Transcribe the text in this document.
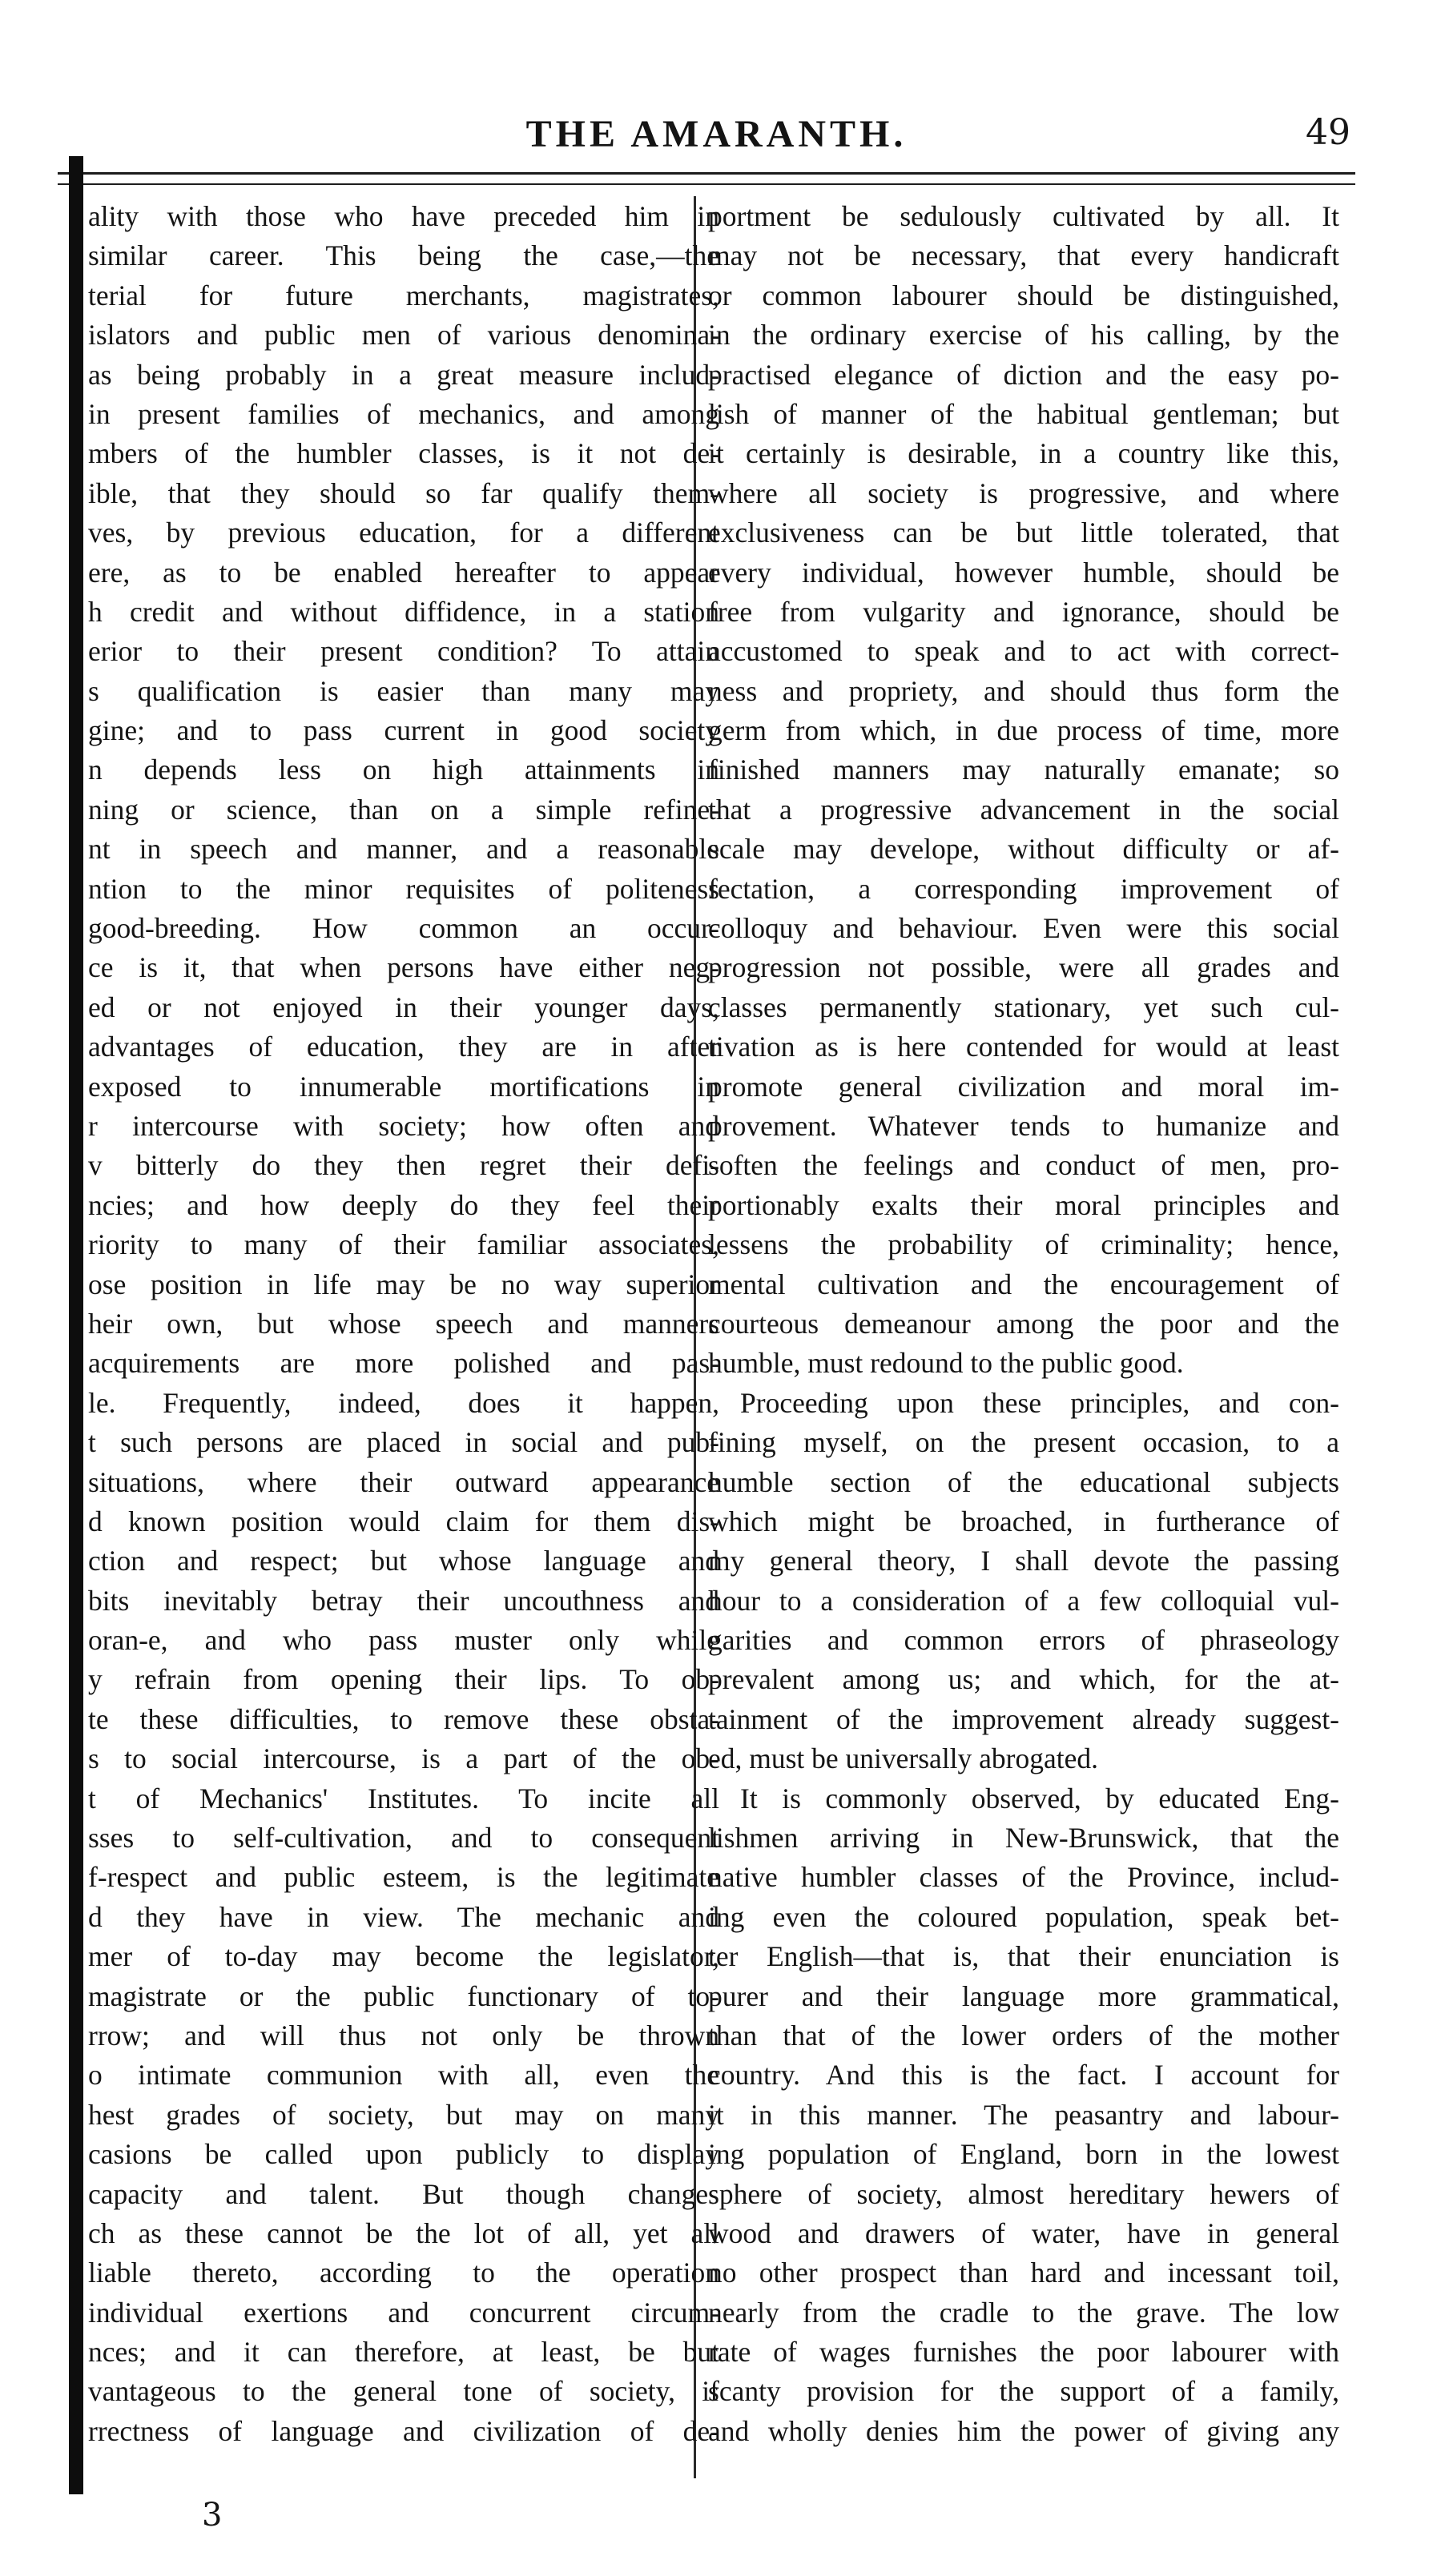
THE AMARANTH.	49
ality with those who have preceded him in
similar career. This being the case,—the
terial for future merchants, magistrates,
islators and public men of various denomina-
as being probably in a great measure includ-
in present families of mechanics, and among
mbers of the humbler classes, is it not de-
ible, that they should so far qualify them-
ves, by previous education, for a different
ere, as to be enabled hereafter to appear
h credit and without diffidence, in a station
erior to their present condition? To attain
s qualification is easier than many may
gine; and to pass current in good society
n depends less on high attainments in
ning or science, than on a simple refine-
nt in speech and manner, and a reasonable
ntion to the minor requisites of politeness
good-breeding. How common an occur-
ce is it, that when persons have either neg-
ed or not enjoyed in their younger days,
advantages of education, they are in after
exposed to innumerable mortifications in
r intercourse with society; how often and
v bitterly do they then regret their defi-
ncies; and how deeply do they feel their
riority to many of their familiar associates,
ose position in life may be no way superior
heir own, but whose speech and manners
acquirements are more polished and pas-
le. Frequently, indeed, does it happen,
t such persons are placed in social and pub-
situations, where their outward appearance
d known position would claim for them dis-
ction and respect; but whose language and
bits inevitably betray their uncouthness and
oran-e, and who pass muster only while
y refrain from opening their lips. To ob-
te these difficulties, to remove these obsta-
s to social intercourse, is a part of the ob-
t of Mechanics' Institutes. To incite all
sses to self-cultivation, and to consequent
f-respect and public esteem, is the legitimate
d they have in view. The mechanic and
mer of to-day may become the legislator,
magistrate or the public functionary of to-
rrow; and will thus not only be thrown
o intimate communion with all, even the
hest grades of society, but may on many
casions be called upon publicly to display
capacity and talent. But though changes
ch as these cannot be the lot of all, yet all
liable thereto, according to the operation
individual exertions and concurrent circum-
nces; and it can therefore, at least, be but
vantageous to the general tone of society, if
rrectness of language and civilization of de-
portment be sedulously cultivated by all. It
may not be necessary, that every handicraft
or common labourer should be distinguished,
in the ordinary exercise of his calling, by the
practised elegance of diction and the easy po-
lish of manner of the habitual gentleman; but
it certainly is desirable, in a country like this,
where all society is progressive, and where
exclusiveness can be but little tolerated, that
every individual, however humble, should be
free from vulgarity and ignorance, should be
accustomed to speak and to act with correct-
ness and propriety, and should thus form the
germ from which, in due process of time, more
finished manners may naturally emanate; so
that a progressive advancement in the social
scale may develope, without difficulty or af-
fectation, a corresponding improvement of
colloquy and behaviour. Even were this social
progression not possible, were all grades and
classes permanently stationary, yet such cul-
tivation as is here contended for would at least
promote general civilization and moral im-
provement. Whatever tends to humanize and
soften the feelings and conduct of men, pro-
portionably exalts their moral principles and
lessens the probability of criminality; hence,
mental cultivation and the encouragement of
courteous demeanour among the poor and the
humble, must redound to the public good.
Proceeding upon these principles, and con-
fining myself, on the present occasion, to a
humble section of the educational subjects
which might be broached, in furtherance of
my general theory, I shall devote the passing
hour to a consideration of a few colloquial vul-
garities and common errors of phraseology
prevalent among us; and which, for the at-
tainment of the improvement already suggest-
ed, must be universally abrogated.
It is commonly observed, by educated Eng-
lishmen arriving in New-Brunswick, that the
native humbler classes of the Province, includ-
ing even the coloured population, speak bet-
ter English—that is, that their enunciation is
purer and their language more grammatical,
than that of the lower orders of the mother
country. And this is the fact. I account for
it in this manner. The peasantry and labour-
ing population of England, born in the lowest
sphere of society, almost hereditary hewers of
wood and drawers of water, have in general
no other prospect than hard and incessant toil,
nearly from the cradle to the grave. The low
rate of wages furnishes the poor labourer with
scanty provision for the support of a family,
and wholly denies him the power of giving any
3
